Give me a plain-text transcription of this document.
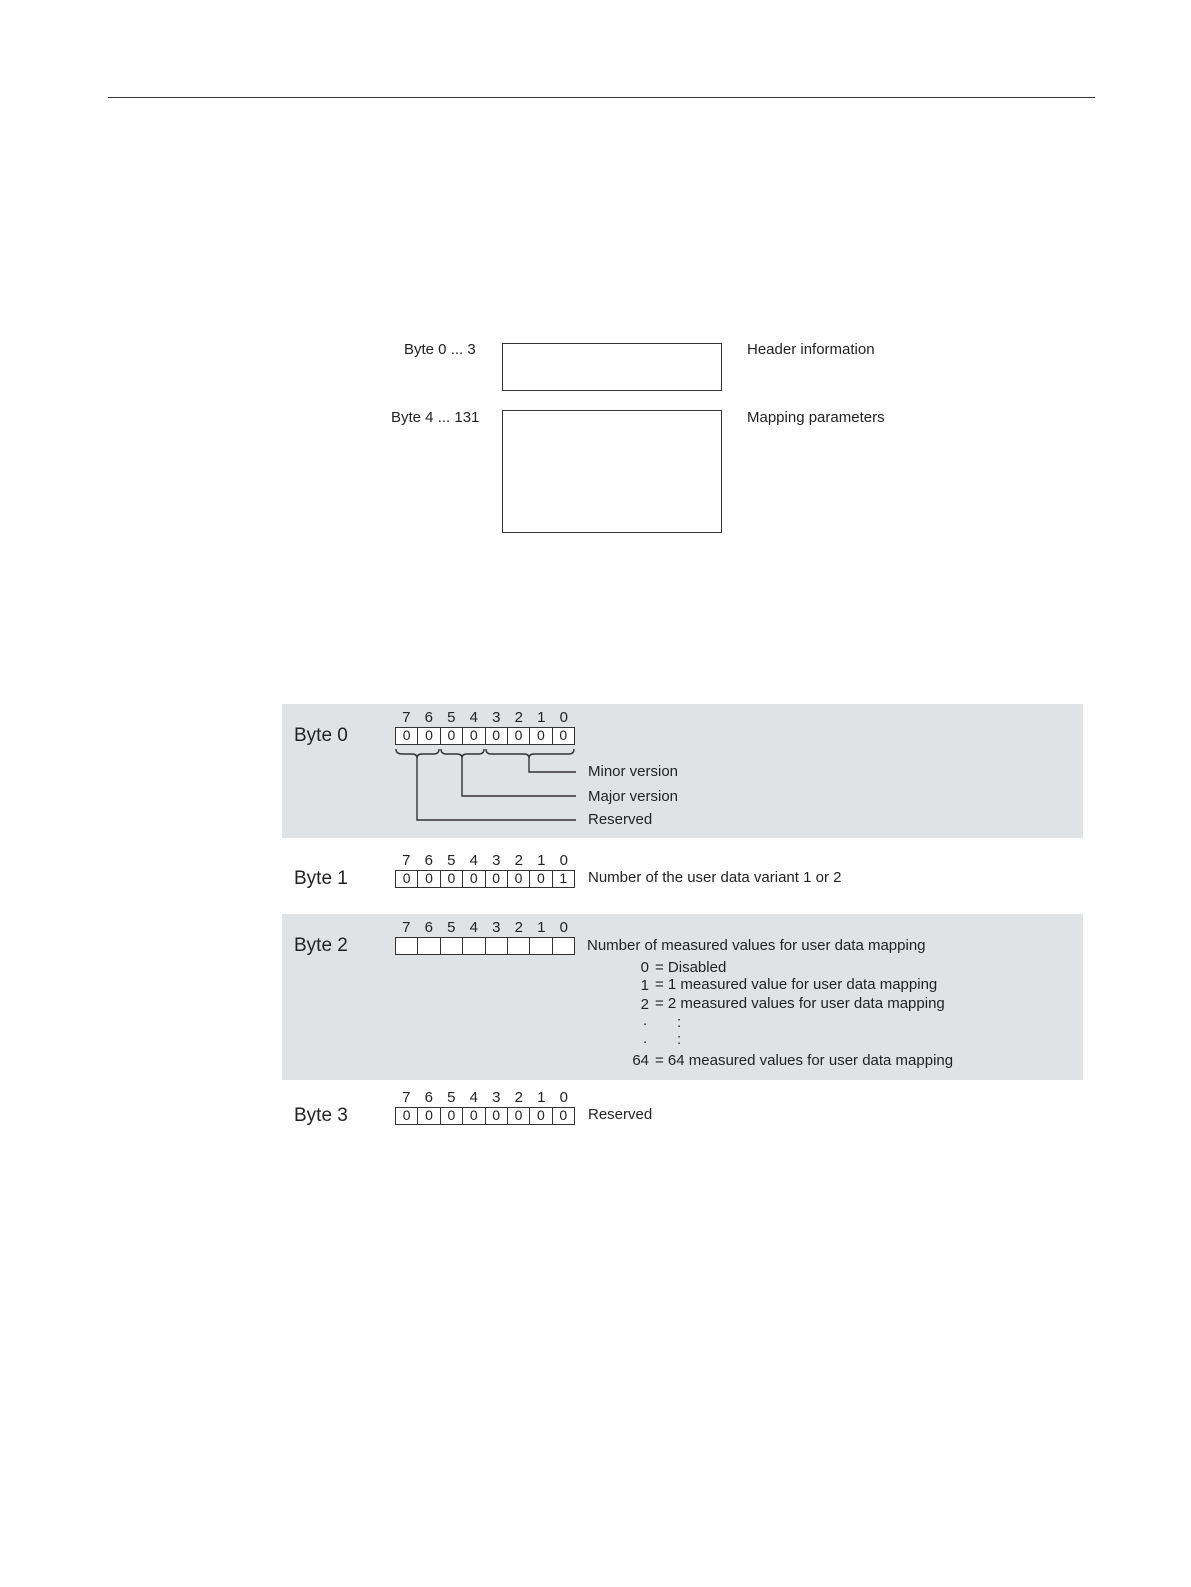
Byte 0 ... 3	Header information
Byte 4 ... 131	Mapping parameters
Byte 0
7 6 5 4 3 2 1 0
0	0	0	0	0	0	0	0
Minor version
Major version
Reserved
Byte 1
7 6 5 4 3 2 1 0
0	0	0	0	0	0	0	1	Number of the user data variant 1 or 2
Byte 2
7 6 5 4 3 2 1 0
Number of measured values for user data mapping
0 = Disabled
1 = 1 measured value for user data mapping
2 = 2 measured values for user data mapping
.
.
:
:
64 = 64 measured values for user data mapping
Byte 3
7 6 5 4 3 2 1 0
0	0	0	0	0	0	0	0	Reserved
